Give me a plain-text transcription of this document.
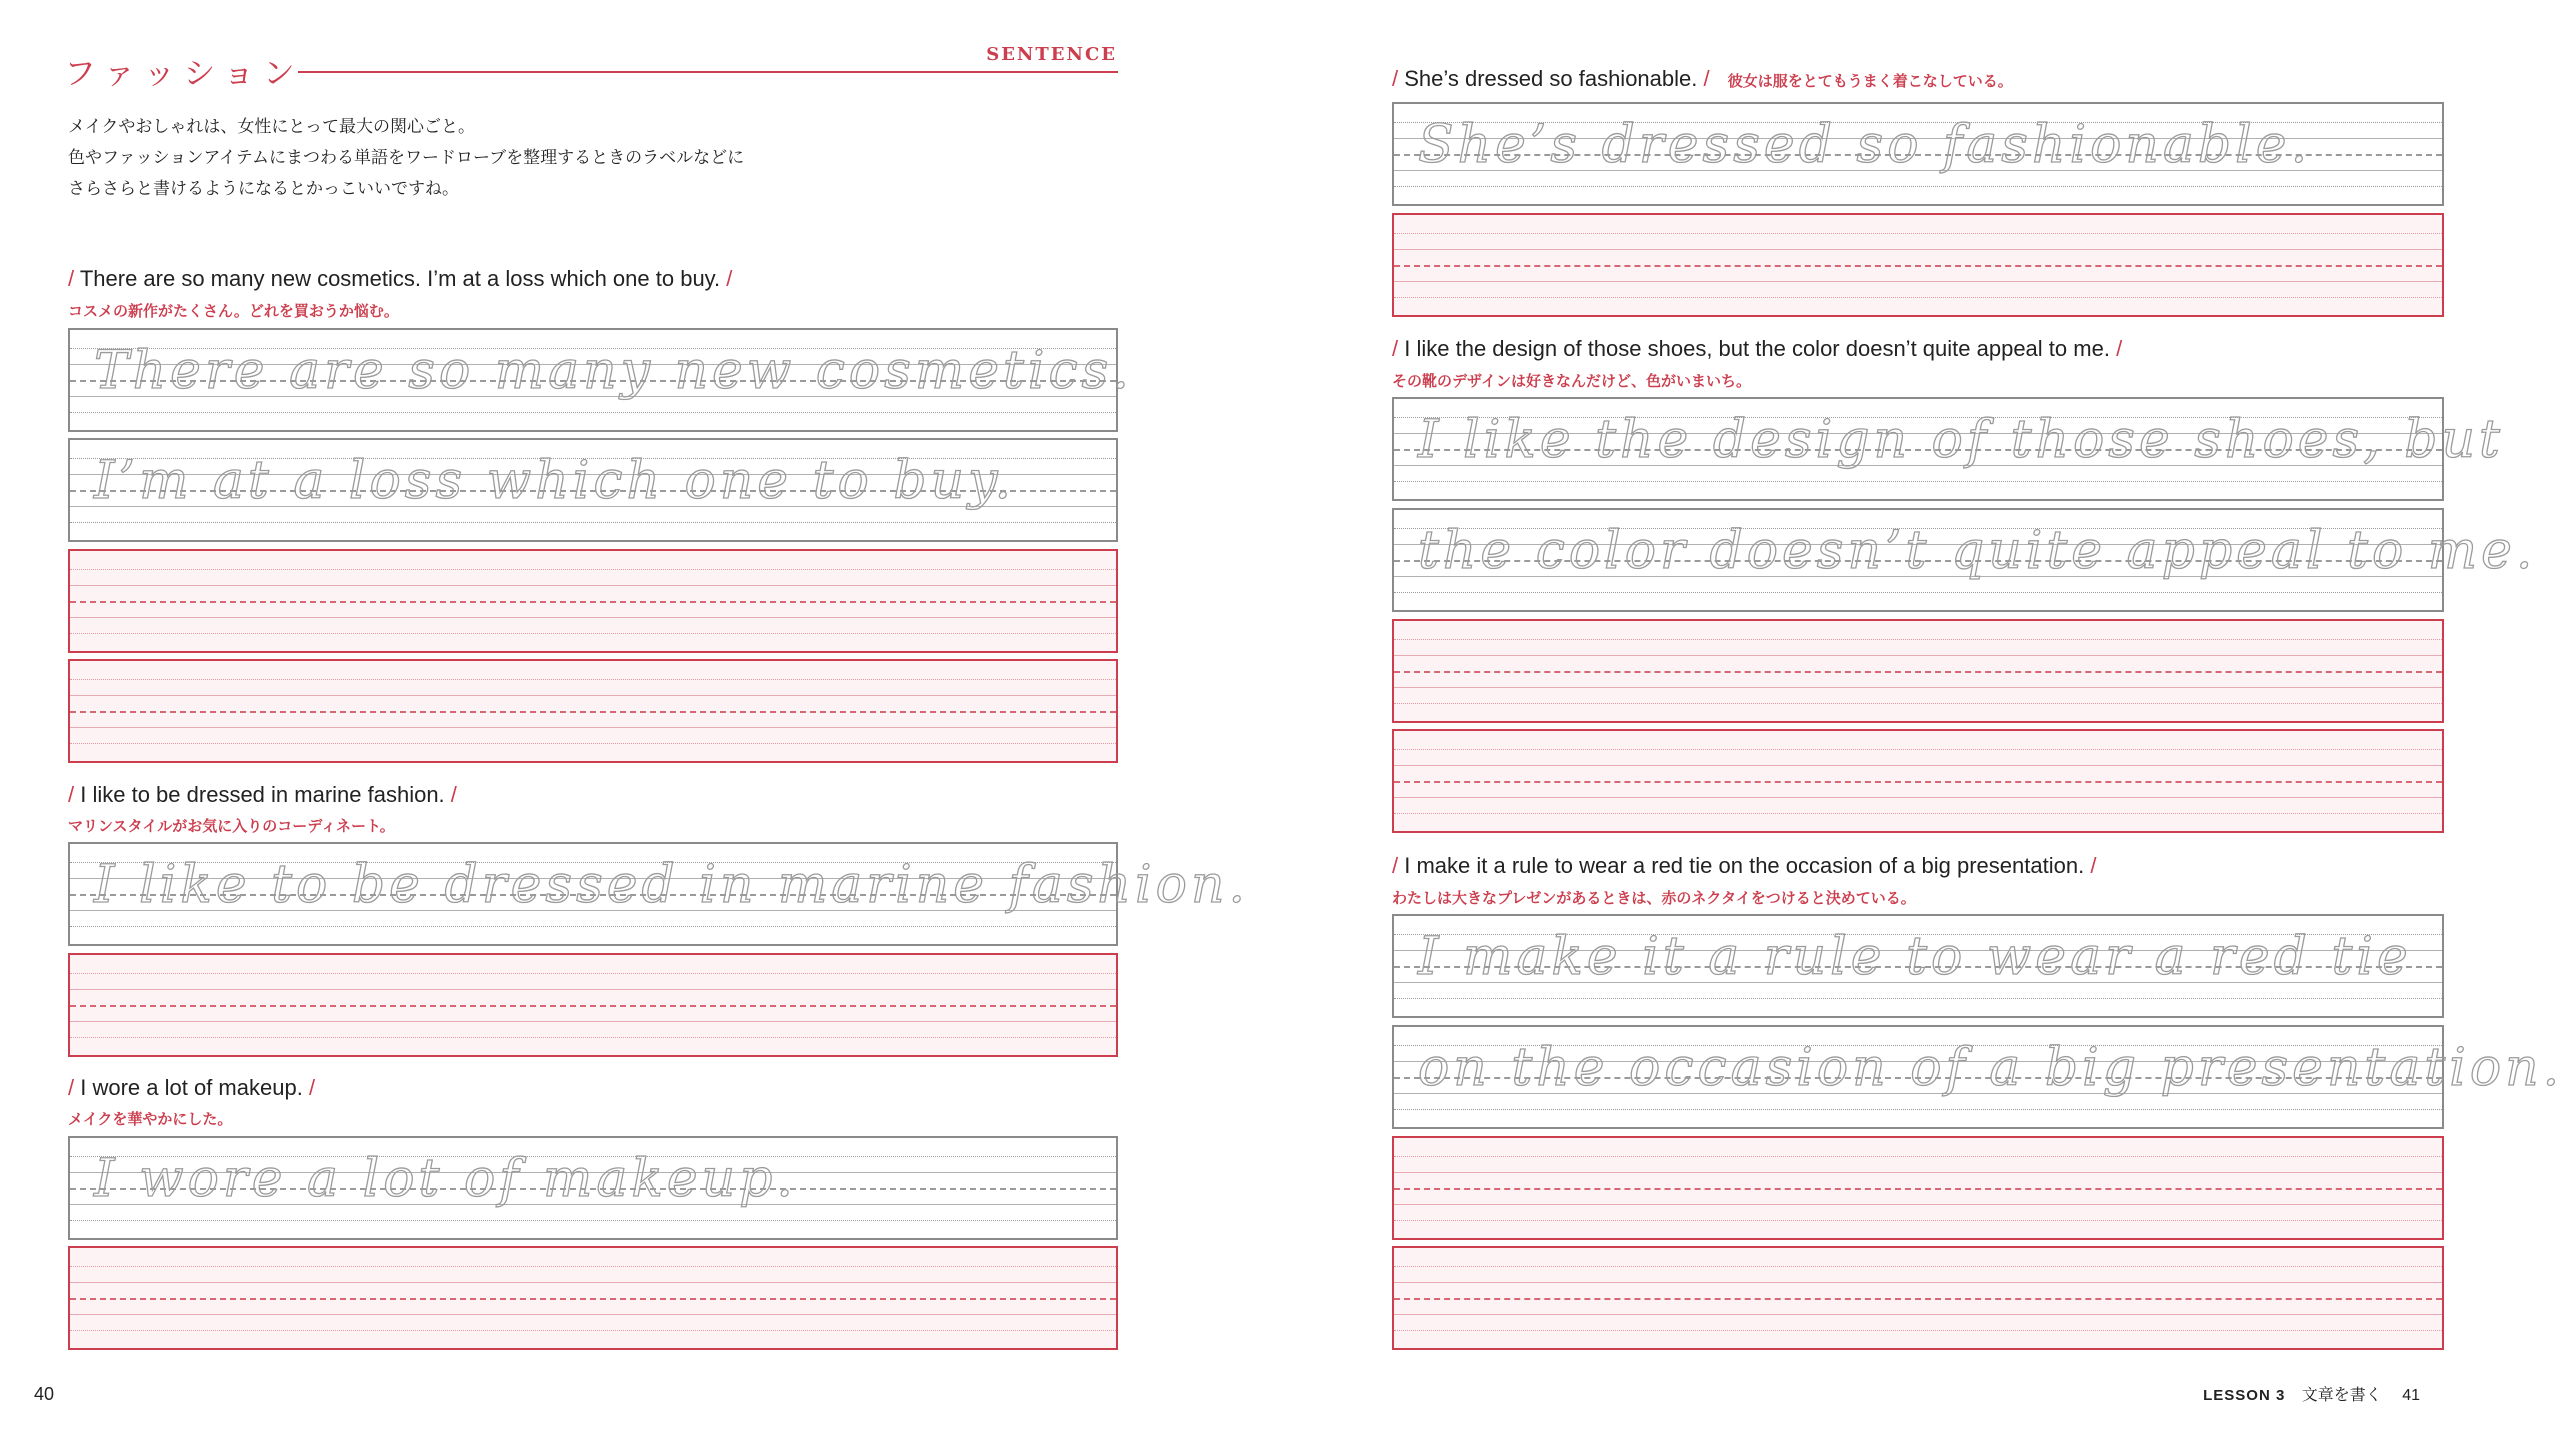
ファッション	SENTENCE
メイクやおしゃれは、女性にとって最大の関心ごと。
色やファッションアイテムにまつわる単語をワードローブを整理するときのラベルなどに
さらさらと書けるようになるとかっこいいですね。
/ There are so many new cosmetics. I’m at a loss which one to buy. /
コスメの新作がたくさん。どれを買おうか悩む。
There are so many new cosmetics.
I’m at a loss which one to buy.
/ I like to be dressed in marine fashion. /
マリンスタイルがお気に入りのコーディネート。
I like to be dressed in marine fashion.
/ I wore a lot of makeup. /
メイクを華やかにした。
I wore a lot of makeup.
40
/ She’s dressed so fashionable. / 彼女は服をとてもうまく着こなしている。
She’s dressed so fashionable.
/ I like the design of those shoes, but the color doesn’t quite appeal to me. /
その靴のデザインは好きなんだけど、色がいまいち。
I like the design of those shoes, but
the color doesn’t quite appeal to me.
/ I make it a rule to wear a red tie on the occasion of a big presentation. /
わたしは大きなプレゼンがあるときは、赤のネクタイをつけると決めている。
I make it a rule to wear a red tie
on the occasion of a big presentation.
LESSON 3 文章を書く 41
